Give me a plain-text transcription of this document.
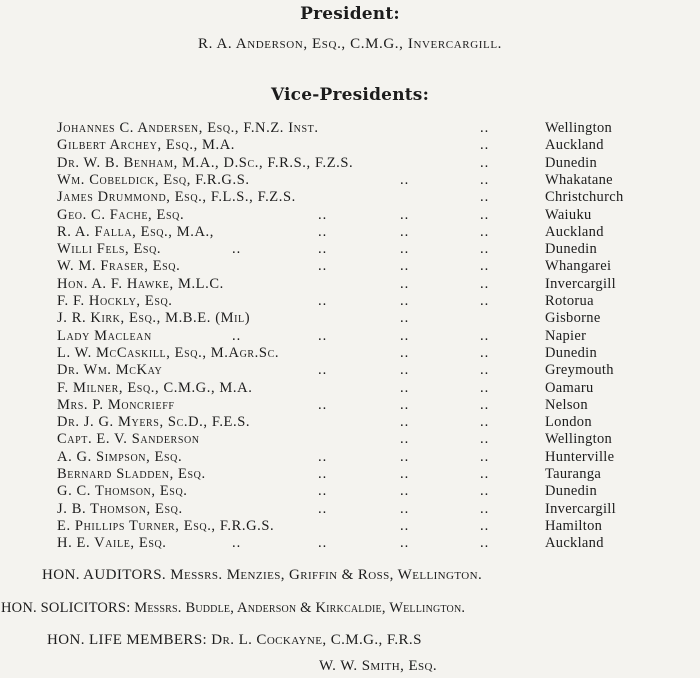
President:
R. A. Anderson, Esq., C.M.G., Invercargill.
Vice-Presidents:
Johannes C. Andersen, Esq., F.N.Z. Inst.	..	Wellington
Gilbert Archey, Esq., M.A.	..	Auckland
Dr. W. B. Benham, M.A., D.Sc., F.R.S., F.Z.S.	..	Dunedin
Wm. Cobeldick, Esq, F.R.G.S.	..	..	Whakatane
James Drummond, Esq., F.L.S., F.Z.S.	..	Christchurch
Geo. C. Fache, Esq.	..	..	..	Waiuku
R. A. Falla, Esq., M.A.,	..	..	..	Auckland
Willi Fels, Esq.	..	..	..	..	Dunedin
W. M. Fraser, Esq.	..	..	..	Whangarei
Hon. A. F. Hawke, M.L.C.	..	..	Invercargill
F. F. Hockly, Esq.	..	..	..	Rotorua
J. R. Kirk, Esq., M.B.E. (Mil)	..	Gisborne
Lady Maclean	..	..	..	..	Napier
L. W. McCaskill, Esq., M.Agr.Sc.	..	..	Dunedin
Dr. Wm. McKay	..	..	..	Greymouth
F. Milner, Esq., C.M.G., M.A.	..	..	Oamaru
Mrs. P. Moncrieff	..	..	..	Nelson
Dr. J. G. Myers, Sc.D., F.E.S.	..	..	London
Capt. E. V. Sanderson	..	..	Wellington
A. G. Simpson, Esq.	..	..	..	Hunterville
Bernard Sladden, Esq.	..	..	..	Tauranga
G. C. Thomson, Esq.	..	..	..	Dunedin
J. B. Thomson, Esq.	..	..	..	Invercargill
E. Phillips Turner, Esq., F.R.G.S.	..	..	Hamilton
H. E. Vaile, Esq.	..	..	..	..	Auckland
HON. AUDITORS. Messrs. Menzies, Griffin & Ross, Wellington.
HON. SOLICITORS: Messrs. Buddle, Anderson & Kirkcaldie, Wellington.
HON. LIFE MEMBERS: Dr. L. Cockayne, C.M.G., F.R.S
W. W. Smith, Esq.
